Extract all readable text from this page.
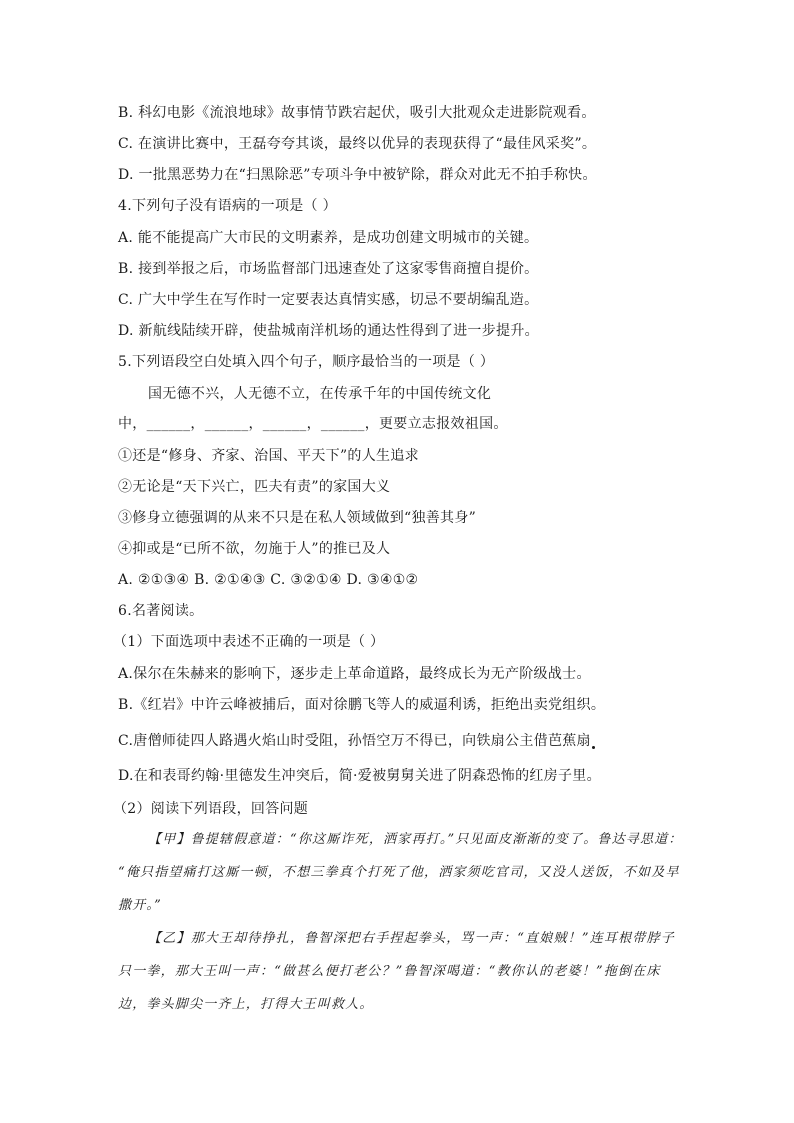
B. 科幻电影《流浪地球》故事情节跌宕起伏，吸引大批观众走进影院观看。
C. 在演讲比赛中，王磊夸夸其谈，最终以优异的表现获得了“最佳风采奖”。
D. 一批黑恶势力在“扫黑除恶”专项斗争中被铲除，群众对此无不拍手称快。
4.下列句子没有语病的一项是（ ）
A. 能不能提高广大市民的文明素养，是成功创建文明城市的关键。
B. 接到举报之后，市场监督部门迅速查处了这家零售商擅自提价。
C. 广大中学生在写作时一定要表达真情实感，切忌不要胡编乱造。
D. 新航线陆续开辟，使盐城南洋机场的通达性得到了进一步提升。
5.下列语段空白处填入四个句子，顺序最恰当的一项是（ ）
国无德不兴，人无德不立，在传承千年的中国传统文化
中，______，______，______，______，更要立志报效祖国。
①还是“修身、齐家、治国、平天下”的人生追求
②无论是“天下兴亡，匹夫有责”的家国大义
③修身立德强调的从来不只是在私人领域做到“独善其身”
④抑或是“已所不欲，勿施于人”的推已及人
A. ②①③④ B. ②①④③ C. ③②①④ D. ③④①②
6.名著阅读。
（1）下面选项中表述不正确的一项是（ ）
A.保尔在朱赫来的影响下，逐步走上革命道路，最终成长为无产阶级战士。
B.《红岩》中许云峰被捕后，面对徐鹏飞等人的威逼利诱，拒绝出卖党组织。
C.唐僧师徒四人路遇火焰山时受阻，孙悟空万不得已，向铁扇公主借芭蕉扇
D.在和表哥约翰·里德发生冲突后，简·爱被舅舅关进了阴森恐怖的红房子里。
（2）阅读下列语段，回答问题
【甲】鲁提辖假意道：“你这厮诈死，洒家再打。”只见面皮渐渐的变了。鲁达寻思道：
“俺只指望痛打这厮一顿，不想三拳真个打死了他，洒家须吃官司，又没人送饭，不如及早
撒开。”
【乙】那大王却待挣扎，鲁智深把右手捏起拳头，骂一声：“直娘贼！”连耳根带脖子
只一拳，那大王叫一声：“做甚么便打老公？”鲁智深喝道：“教你认的老婆！”拖倒在床
边，拳头脚尖一齐上，打得大王叫救人。
